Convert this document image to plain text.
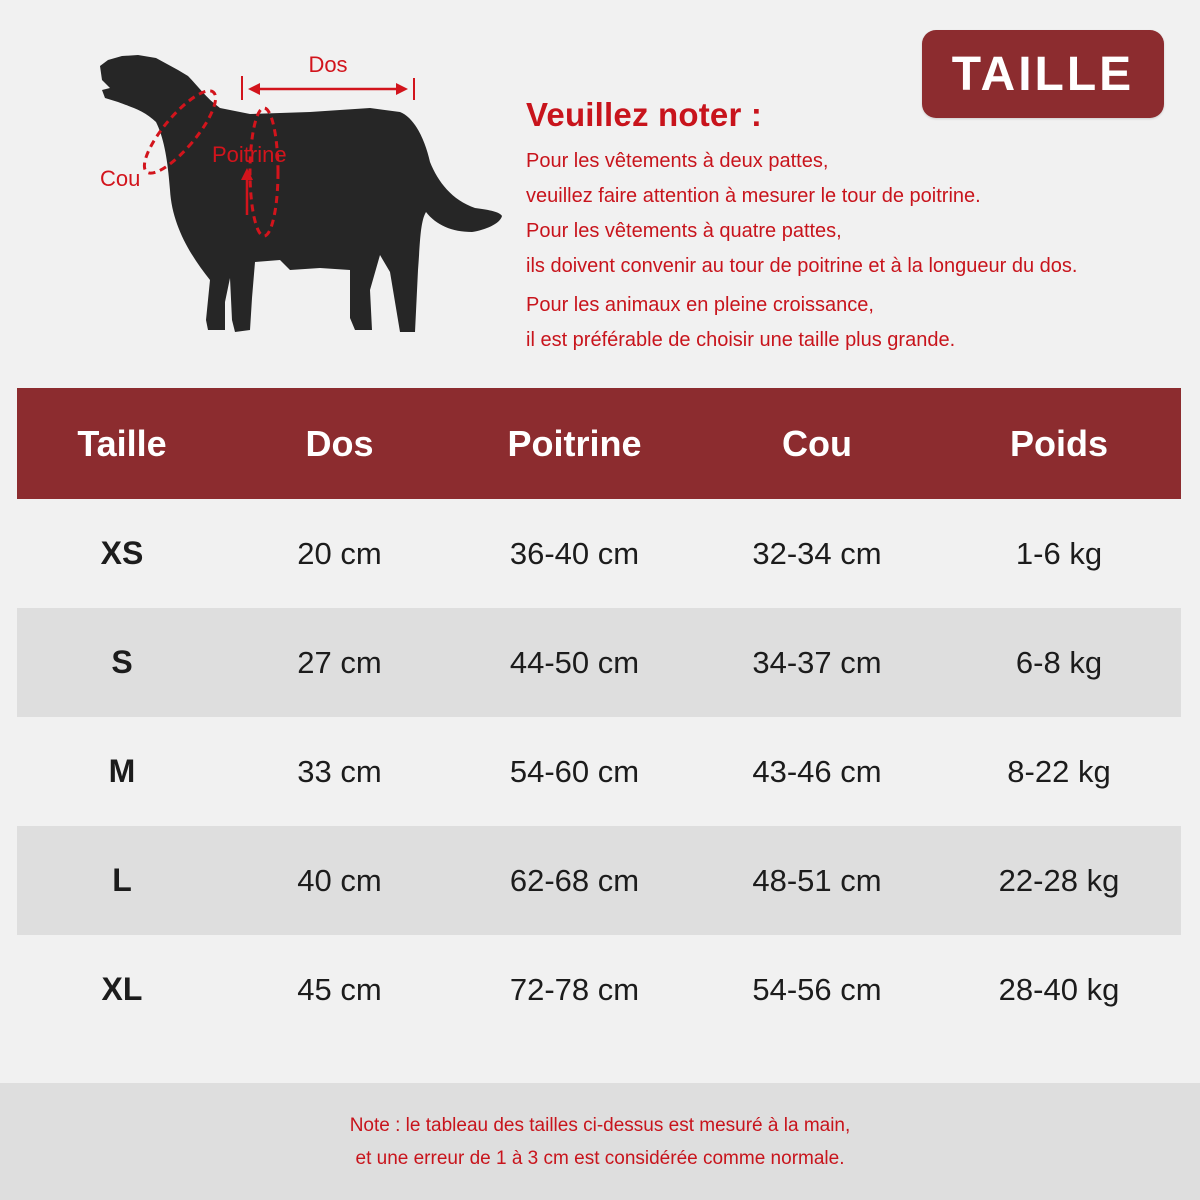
Dos
Cou
Poitrine
TAILLE
Veuillez noter :
Pour les vêtements à deux pattes,
veuillez faire attention à mesurer le tour de poitrine.
Pour les vêtements à quatre pattes,
ils doivent convenir au tour de poitrine et à la longueur du dos.
Pour les animaux en pleine croissance,
il est préférable de choisir une taille plus grande.
Taille	Dos	Poitrine	Cou	Poids
XS	20 cm	36-40 cm	32-34 cm	1-6 kg
S	27 cm	44-50 cm	34-37 cm	6-8 kg
M	33 cm	54-60 cm	43-46 cm	8-22 kg
L	40 cm	62-68 cm	48-51 cm	22-28 kg
XL	45 cm	72-78 cm	54-56 cm	28-40 kg
Note : le tableau des tailles ci-dessus est mesuré à la main,
et une erreur de 1 à 3 cm est considérée comme normale.
